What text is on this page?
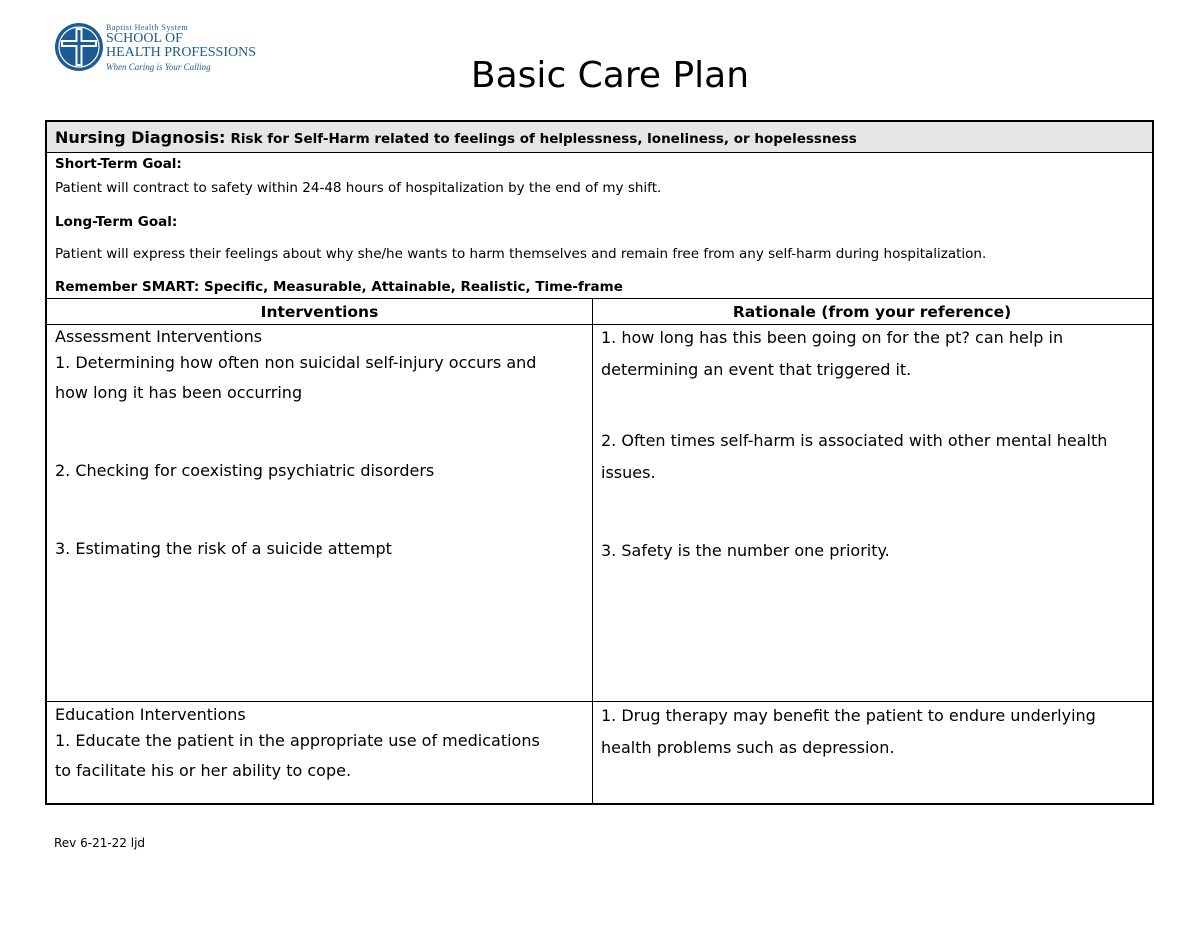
Baptist Health System
SCHOOL OF
HEALTH PROFESSIONS
When Caring is Your Calling	Basic Care Plan
Nursing Diagnosis: Risk for Self-Harm related to feelings of helplessness, loneliness, or hopelessness
Short-Term Goal:
Patient will contract to safety within 24-48 hours of hospitalization by the end of my shift.
Long-Term Goal:
Patient will express their feelings about why she/he wants to harm themselves and remain free from any self-harm during hospitalization.
Remember SMART: Specific, Measurable, Attainable, Realistic, Time-frame
Interventions	Rationale (from your reference)
Assessment Interventions
1. Determining how often non suicidal self-injury occurs and
how long it has been occurring
2. Checking for coexisting psychiatric disorders
3. Estimating the risk of a suicide attempt
1. how long has this been going on for the pt? can help in
determining an event that triggered it.
2. Often times self-harm is associated with other mental health
issues.
3. Safety is the number one priority.
Education Interventions
1. Educate the patient in the appropriate use of medications
to facilitate his or her ability to cope.
1. Drug therapy may benefit the patient to endure underlying
health problems such as depression.
Rev 6-21-22 ljd
